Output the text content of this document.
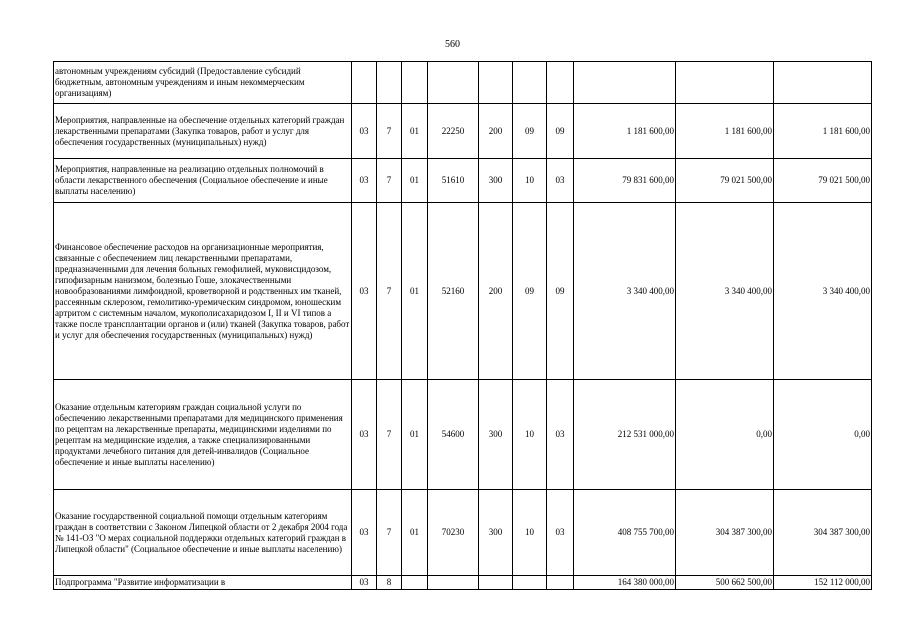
560
автономным учреждениям субсидий (Предоставление субсидий бюджетным, автономным учреждениям и иным некоммерческим организациям)										
Мероприятия, направленные на обеспечение отдельных категорий граждан лекарственными препаратами (Закупка товаров, работ и услуг для обеспечения государственных (муниципальных) нужд)	03	7	01	22250	200	09	09	1 181 600,00	1 181 600,00	1 181 600,00
Мероприятия, направленные на реализацию отдельных полномочий в области лекарственного обеспечения (Социальное обеспечение и иные выплаты населению)	03	7	01	51610	300	10	03	79 831 600,00	79 021 500,00	79 021 500,00
Финансовое обеспечение расходов на организационные мероприятия, связанные с обеспечением лиц лекарственными препаратами, предназначенными для лечения больных гемофилией, муковисцидозом, гипофизарным нанизмом, болезнью Гоше, злокачественными новообразованиями лимфоидной, кроветворной и родственных им тканей, рассеянным склерозом, гемолитико-уремическим синдромом, юношеским артритом с системным началом, мукополисахаридозом I, II и VI типов а также после трансплантации органов и (или) тканей (Закупка товаров, работ и услуг для обеспечения государственных (муниципальных) нужд)	03	7	01	52160	200	09	09	3 340 400,00	3 340 400,00	3 340 400,00
Оказание отдельным категориям граждан социальной услуги по обеспечению лекарственными препаратами для медицинского применения по рецептам на лекарственные препараты, медицинскими изделиями по рецептам на медицинские изделия, а также специализированными продуктами лечебного питания для детей-инвалидов (Социальное обеспечение и иные выплаты населению)	03	7	01	54600	300	10	03	212 531 000,00	0,00	0,00
Оказание государственной социальной помощи отдельным категориям граждан в соответствии с Законом Липецкой области от 2 декабря 2004 года № 141-ОЗ "О мерах социальной поддержки отдельных категорий граждан в Липецкой области" (Социальное обеспечение и иные выплаты населению)	03	7	01	70230	300	10	03	408 755 700,00	304 387 300,00	304 387 300,00
Подпрограмма "Развитие информатизации в	03	8						164 380 000,00	500 662 500,00	152 112 000,00
